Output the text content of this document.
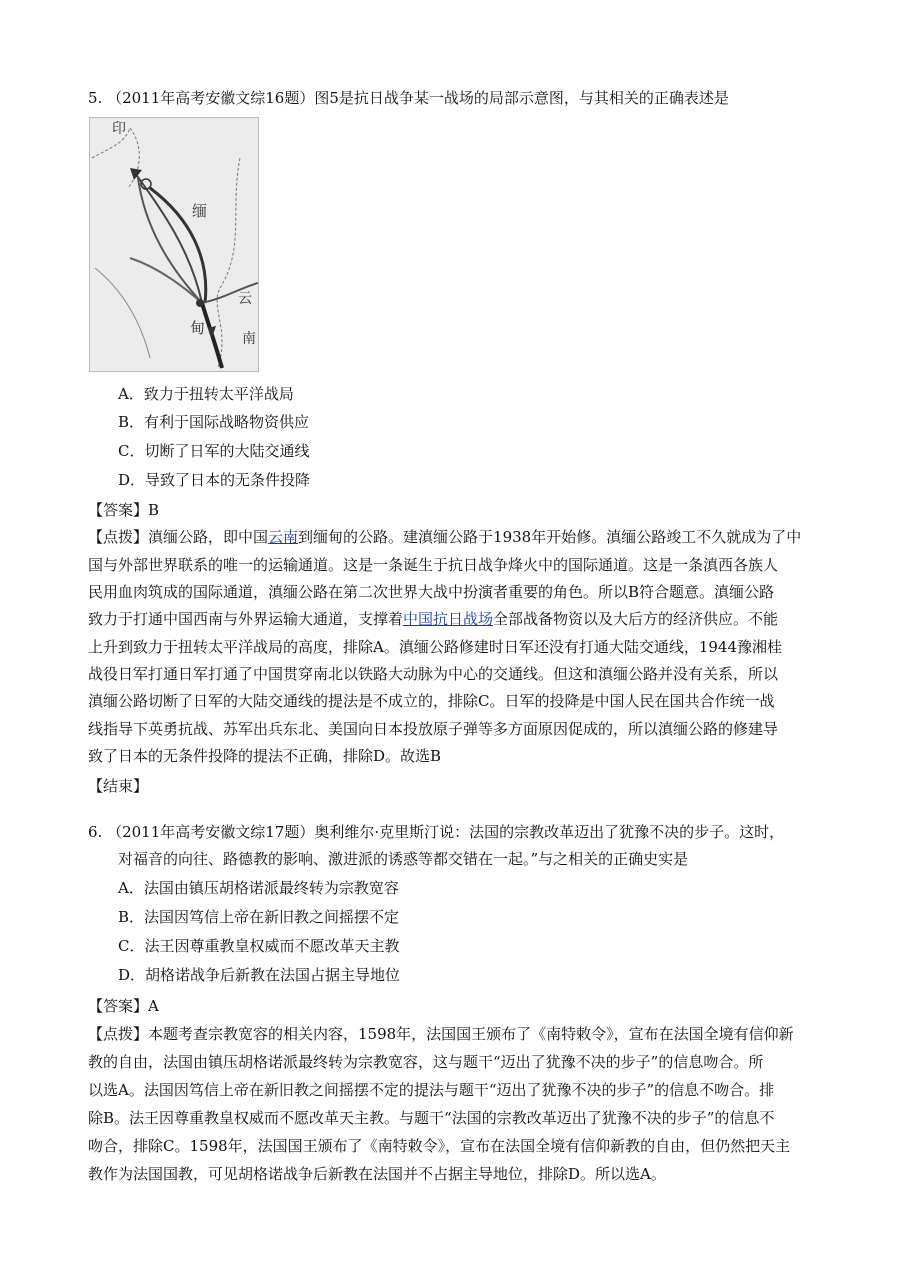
5. （2011年高考安徽文综16题）图5是抗日战争某一战场的局部示意图，与其相关的正确表述是
印
缅
甸
云
南
A．致力于扭转太平洋战局
B．有利于国际战略物资供应
C．切断了日军的大陆交通线
D．导致了日本的无条件投降
【答案】B
【点拨】滇缅公路，即中国云南到缅甸的公路。建滇缅公路于1938年开始修。滇缅公路竣工不久就成为了中
国与外部世界联系的唯一的运输通道。这是一条诞生于抗日战争烽火中的国际通道。这是一条滇西各族人
民用血肉筑成的国际通道，滇缅公路在第二次世界大战中扮演者重要的角色。所以B符合题意。滇缅公路
致力于打通中国西南与外界运输大通道，支撑着中国抗日战场全部战备物资以及大后方的经济供应。不能
上升到致力于扭转太平洋战局的高度，排除A。滇缅公路修建时日军还没有打通大陆交通线，1944豫湘桂
战役日军打通日军打通了中国贯穿南北以铁路大动脉为中心的交通线。但这和滇缅公路并没有关系，所以
滇缅公路切断了日军的大陆交通线的提法是不成立的，排除C。日军的投降是中国人民在国共合作统一战
线指导下英勇抗战、苏军出兵东北、美国向日本投放原子弹等多方面原因促成的，所以滇缅公路的修建导
致了日本的无条件投降的提法不正确，排除D。故选B
【结束】
6. （2011年高考安徽文综17题）奥利维尔·克里斯汀说：法国的宗教改革迈出了犹豫不决的步子。这时，
对福音的向往、路德教的影响、激进派的诱惑等都交错在一起。”与之相关的正确史实是
A．法国由镇压胡格诺派最终转为宗教宽容
B．法国因笃信上帝在新旧教之间摇摆不定
C．法王因尊重教皇权威而不愿改革天主教
D．胡格诺战争后新教在法国占据主导地位
【答案】A
【点拨】本题考查宗教宽容的相关内容，1598年，法国国王颁布了《南特敕令》，宣布在法国全境有信仰新
教的自由，法国由镇压胡格诺派最终转为宗教宽容，这与题干“迈出了犹豫不决的步子”的信息吻合。所
以选A。法国因笃信上帝在新旧教之间摇摆不定的提法与题干“迈出了犹豫不决的步子”的信息不吻合。排
除B。法王因尊重教皇权威而不愿改革天主教。与题干“法国的宗教改革迈出了犹豫不决的步子”的信息不
吻合，排除C。1598年，法国国王颁布了《南特敕令》，宣布在法国全境有信仰新教的自由，但仍然把天主
教作为法国国教，可见胡格诺战争后新教在法国并不占据主导地位，排除D。所以选A。
